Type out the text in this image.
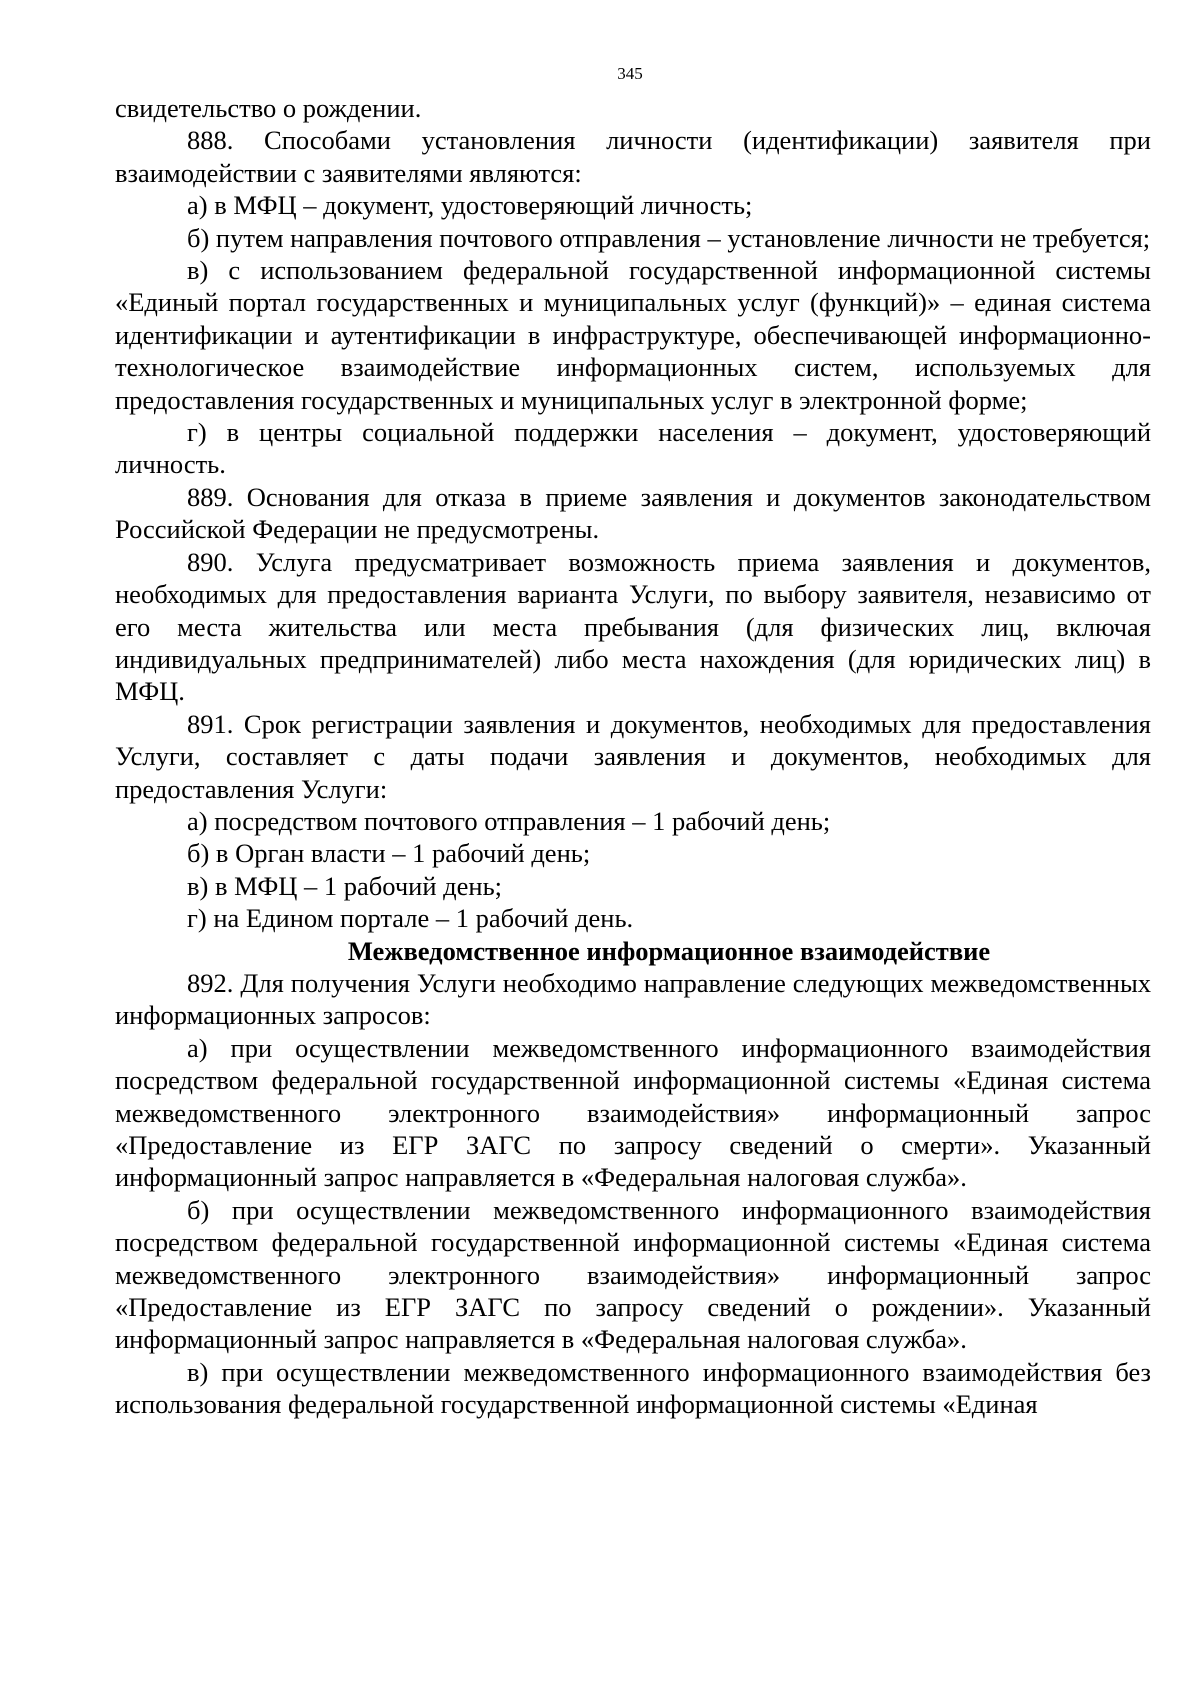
345

свидетельство о рождении.

888. Способами установления личности (идентификации) заявителя при взаимодействии с заявителями являются:

а) в МФЦ – документ, удостоверяющий личность;

б) путем направления почтового отправления – установление личности не требуется;

в) с использованием федеральной государственной информационной системы «Единый портал государственных и муниципальных услуг (функций)» – единая система идентификации и аутентификации в инфраструктуре, обеспечивающей информационно-технологическое взаимодействие информационных систем, используемых для предоставления государственных и муниципальных услуг в электронной форме;

г) в центры социальной поддержки населения – документ, удостоверяющий личность.

889. Основания для отказа в приеме заявления и документов законодательством Российской Федерации не предусмотрены.

890. Услуга предусматривает возможность приема заявления и документов, необходимых для предоставления варианта Услуги, по выбору заявителя, независимо от его места жительства или места пребывания (для физических лиц, включая индивидуальных предпринимателей) либо места нахождения (для юридических лиц) в МФЦ.

891. Срок регистрации заявления и документов, необходимых для предоставления Услуги, составляет с даты подачи заявления и документов, необходимых для предоставления Услуги:

а) посредством почтового отправления – 1 рабочий день;

б) в Орган власти – 1 рабочий день;

в) в МФЦ – 1 рабочий день;

г) на Едином портале – 1 рабочий день.

Межведомственное информационное взаимодействие

892. Для получения Услуги необходимо направление следующих межведомственных информационных запросов:

а) при осуществлении межведомственного информационного взаимодействия посредством федеральной государственной информационной системы «Единая система межведомственного электронного взаимодействия» информационный запрос «Предоставление из ЕГР ЗАГС по запросу сведений о смерти». Указанный информационный запрос направляется в «Федеральная налоговая служба».

б) при осуществлении межведомственного информационного взаимодействия посредством федеральной государственной информационной системы «Единая система межведомственного электронного взаимодействия» информационный запрос «Предоставление из ЕГР ЗАГС по запросу сведений о рождении». Указанный информационный запрос направляется в «Федеральная налоговая служба».

в) при осуществлении межведомственного информационного взаимодействия без использования федеральной государственной информационной системы «Единая
